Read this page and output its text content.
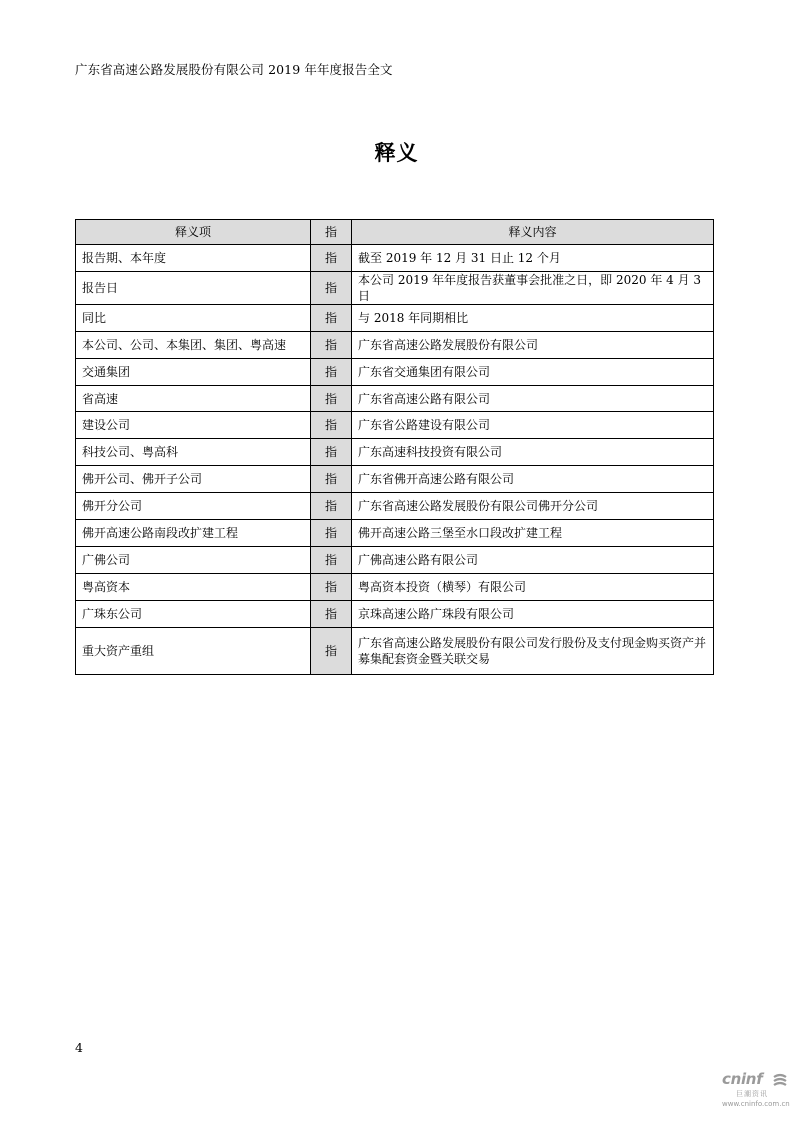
广东省高速公路发展股份有限公司 2019 年年度报告全文
释义
释义项	指	释义内容
报告期、本年度	指	截至 2019 年 12 月 31 日止 12 个月
报告日	指	本公司 2019 年年度报告获董事会批准之日，即 2020 年 4 月 3 日
同比	指	与 2018 年同期相比
本公司、公司、本集团、集团、粤高速	指	广东省高速公路发展股份有限公司
交通集团	指	广东省交通集团有限公司
省高速	指	广东省高速公路有限公司
建设公司	指	广东省公路建设有限公司
科技公司、粤高科	指	广东高速科技投资有限公司
佛开公司、佛开子公司	指	广东省佛开高速公路有限公司
佛开分公司	指	广东省高速公路发展股份有限公司佛开分公司
佛开高速公路南段改扩建工程	指	佛开高速公路三堡至水口段改扩建工程
广佛公司	指	广佛高速公路有限公司
粤高资本	指	粤高资本投资（横琴）有限公司
广珠东公司	指	京珠高速公路广珠段有限公司
重大资产重组	指	广东省高速公路发展股份有限公司发行股份及支付现金购买资产并募集配套资金暨关联交易
4
cninf
巨潮资讯
www.cninfo.com.cn
